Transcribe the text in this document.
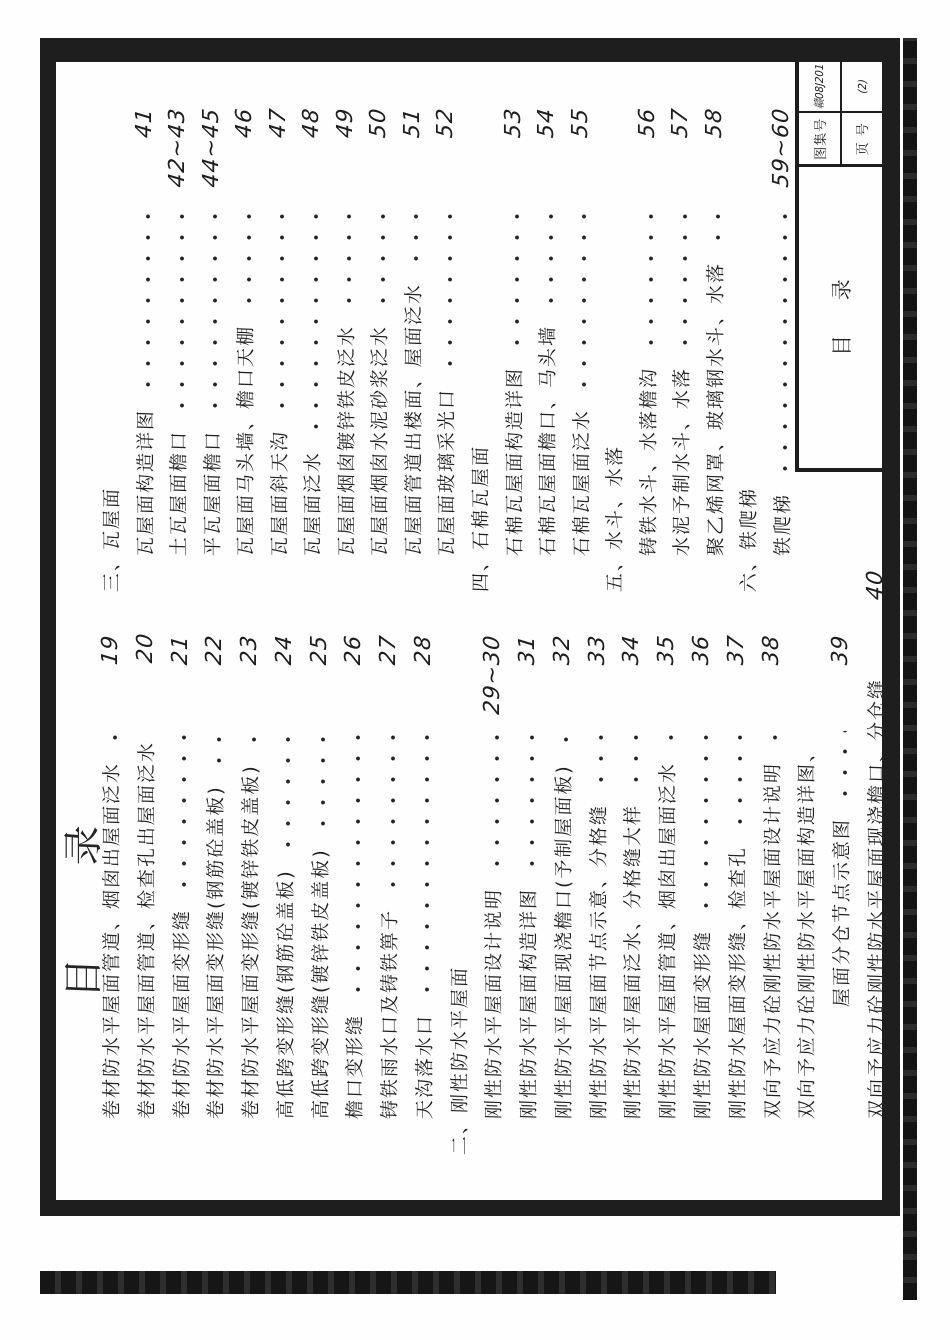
目 录
卷材防水平屋面管道、烟囱出屋面泛水
19
卷材防水平屋面管道、检查孔出屋面泛水
20
卷材防水平屋面变形缝
21
卷材防水平屋面变形缝(钢筋砼盖板)
22
卷材防水平屋面变形缝(镀锌铁皮盖板)
23
高低跨变形缝(钢筋砼盖板)
24
高低跨变形缝(镀锌铁皮盖板)
25
檐口变形缝
26
铸铁雨水口及铸铁箅子
27
天沟落水口
28
二、刚性防水平屋面 刚性防水平屋面设计说明
29~30
刚性防水平屋面构造详图
31
刚性防水平屋面现浇檐口(予制屋面板)
32
刚性防水平屋面节点示意、分格缝
33
刚性防水平屋面泛水、分格缝大样
34
刚性防水平屋面管道、烟囱出屋面泛水
35
刚性防水屋面变形缝
36
刚性防水屋面变形缝、检查孔
37
双向予应力砼刚性防水平屋面设计说明
38
双向予应力砼刚性防水平屋面构造详图、 屋面分仓节点示意图
39
双向予应力砼刚性防水平屋面现浇檐口、分仓缝
40
三、瓦屋面 瓦屋面构造详图
41
土瓦屋面檐口
42~43
平瓦屋面檐口
44~45
瓦屋面马头墙、檐口天棚
46
瓦屋面斜天沟
47
瓦屋面泛水
48
瓦屋面烟囱镀锌铁皮泛水
49
瓦屋面烟囱水泥砂浆泛水
50
瓦屋面管道出楼面、屋面泛水
51
瓦屋面玻璃采光口
52
四、石棉瓦屋面 石棉瓦屋面构造详图
53
石棉瓦屋面檐口、马头墙
54
石棉瓦屋面泛水
55
五、水斗、水落 铸铁水斗、水落檐沟
56
水泥予制水斗、水落
57
聚乙烯网罩、玻璃钢水斗、水落
58
六、铁爬梯 铁爬梯
59~60
目 录
图集号
赣08J201
页 号
(2)
